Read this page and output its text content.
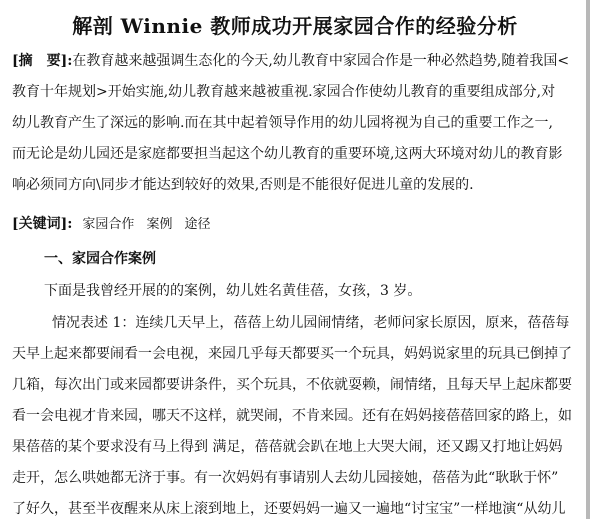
解剖 Winnie 教师成功开展家园合作的经验分析
[摘　要]:在教育越来越强调生态化的今天,幼儿教育中家园合作是一种必然趋势,随着我国<
教育十年规划>开始实施,幼儿教育越来越被重视.家园合作使幼儿教育的重要组成部分,对
幼儿教育产生了深远的影响.而在其中起着领导作用的幼儿园将视为自己的重要工作之一,
而无论是幼儿园还是家庭都要担当起这个幼儿教育的重要环境,这两大环境对幼儿的教育影
响必须同方向\同步才能达到较好的效果,否则是不能很好促进儿童的发展的.
[关键词]: 家园合作 案例 途径
一、家园合作案例
下面是我曾经开展的的案例，幼儿姓名黄佳蓓，女孩，3 岁。
情况表述 1：连续几天早上，蓓蓓上幼儿园闹情绪，老师问家长原因，原来，蓓蓓每
天早上起来都要闹看一会电视，来园几乎每天都要买一个玩具，妈妈说家里的玩具已倒掉了
几箱，每次出门或来园都要讲条件，买个玩具，不依就耍赖，闹情绪，且每天早上起床都要
看一会电视才肯来园，哪天不这样，就哭闹，不肯来园。还有在妈妈接蓓蓓回家的路上，如
果蓓蓓的某个要求没有马上得到 满足，蓓蓓就会趴在地上大哭大闹，还又踢又打地让妈妈
走开，怎么哄她都无济于事。有一次妈妈有事请别人去幼儿园接她，蓓蓓为此“耿耿于怀”
了好久，甚至半夜醒来从床上滚到地上，还要妈妈一遍又一遍地“讨宝宝”一样地演“从幼儿
